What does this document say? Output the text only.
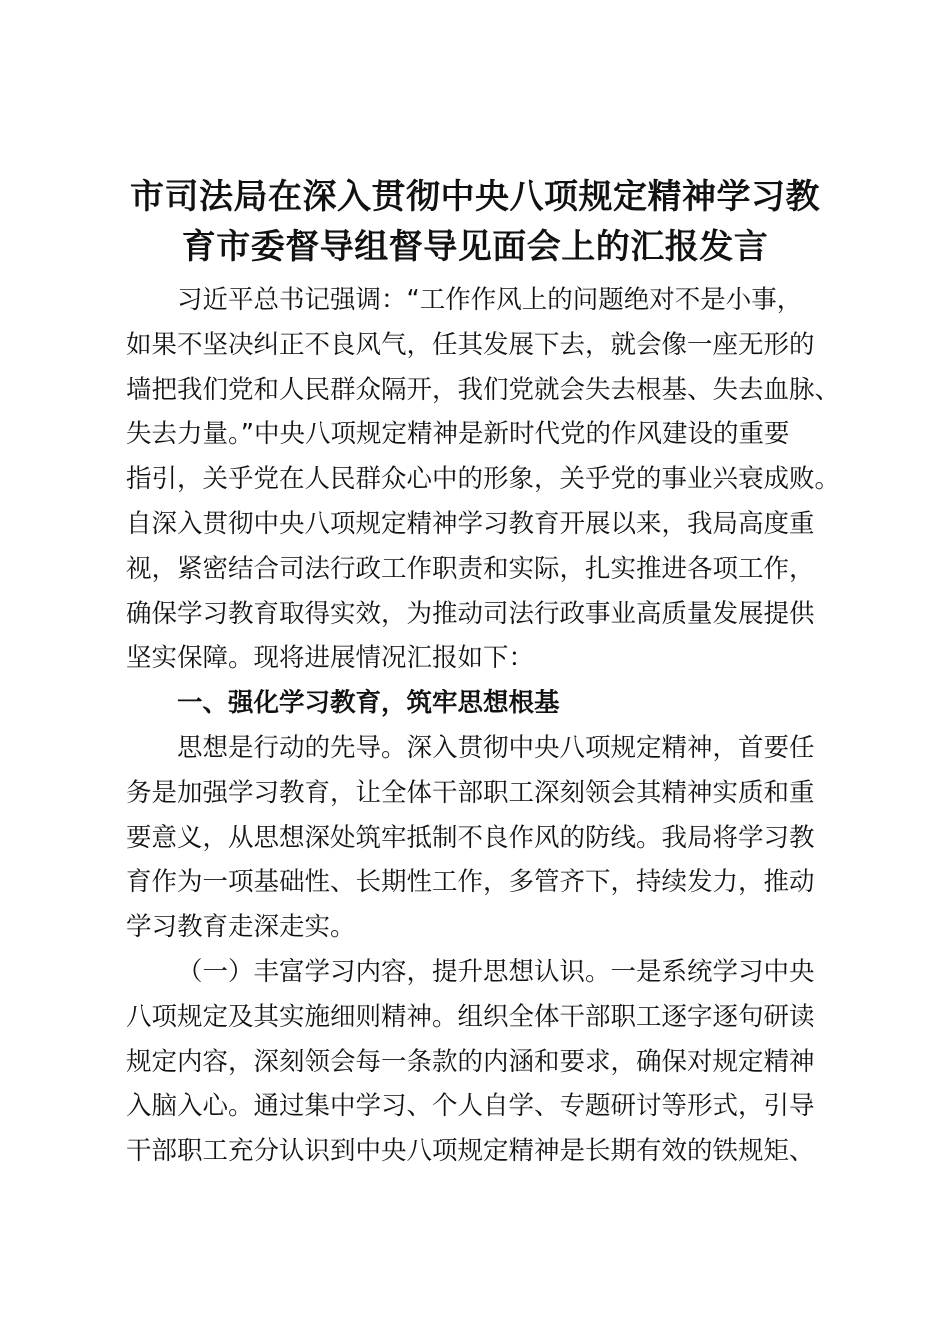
市司法局在深入贯彻中央八项规定精神学习教
育市委督导组督导见面会上的汇报发言
习近平总书记强调：“工作作风上的问题绝对不是小事，
如果不坚决纠正不良风气，任其发展下去，就会像一座无形的
墙把我们党和人民群众隔开，我们党就会失去根基、失去血脉、
失去力量。”中央八项规定精神是新时代党的作风建设的重要
指引，关乎党在人民群众心中的形象，关乎党的事业兴衰成败。
自深入贯彻中央八项规定精神学习教育开展以来，我局高度重
视，紧密结合司法行政工作职责和实际，扎实推进各项工作，
确保学习教育取得实效，为推动司法行政事业高质量发展提供
坚实保障。现将进展情况汇报如下：
一、强化学习教育，筑牢思想根基
思想是行动的先导。深入贯彻中央八项规定精神，首要任
务是加强学习教育，让全体干部职工深刻领会其精神实质和重
要意义，从思想深处筑牢抵制不良作风的防线。我局将学习教
育作为一项基础性、长期性工作，多管齐下，持续发力，推动
学习教育走深走实。
（一）丰富学习内容，提升思想认识。一是系统学习中央
八项规定及其实施细则精神。组织全体干部职工逐字逐句研读
规定内容，深刻领会每一条款的内涵和要求，确保对规定精神
入脑入心。通过集中学习、个人自学、专题研讨等形式，引导
干部职工充分认识到中央八项规定精神是长期有效的铁规矩、
